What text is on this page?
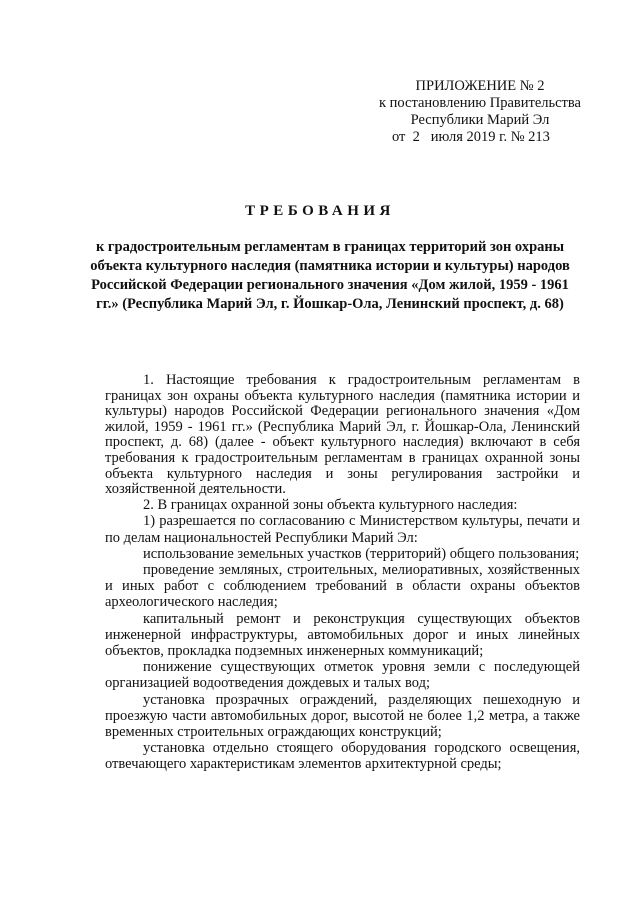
ПРИЛОЖЕНИЕ № 2
к постановлению Правительства
Республики Марий Эл
от  2   июля 2019 г. № 213
ТРЕБОВАНИЯ
к градостроительным регламентам в границах территорий зон охраны объекта культурного наследия (памятника истории и культуры) народов Российской Федерации регионального значения «Дом жилой, 1959 - 1961 гг.» (Республика Марий Эл, г. Йошкар-Ола, Ленинский проспект, д. 68)

1. Настоящие требования к градостроительным регламентам в границах зон охраны объекта культурного наследия (памятника истории и культуры) народов Российской Федерации регионального значения «Дом жилой, 1959 - 1961 гг.» (Республика Марий Эл, г. Йошкар-Ола, Ленинский проспект, д. 68) (далее - объект культурного наследия) включают в себя требования к градостроительным регламентам в границах охранной зоны объекта культурного наследия и зоны регулирования застройки и хозяйственной деятельности.

2. В границах охранной зоны объекта культурного наследия:

1) разрешается по согласованию с Министерством культуры, печати и по делам национальностей Республики Марий Эл:

использование земельных участков (территорий) общего пользования;

проведение земляных, строительных, мелиоративных, хозяйственных и иных работ с соблюдением требований в области охраны объектов археологического наследия;

капитальный ремонт и реконструкция существующих объектов инженерной инфраструктуры, автомобильных дорог и иных линейных объектов, прокладка подземных инженерных коммуникаций;

понижение существующих отметок уровня земли с последующей организацией водоотведения дождевых и талых вод;

установка прозрачных ограждений, разделяющих пешеходную и проезжую части автомобильных дорог, высотой не более 1,2 метра, а также временных строительных ограждающих конструкций;

установка отдельно стоящего оборудования городского освещения, отвечающего характеристикам элементов архитектурной среды;
